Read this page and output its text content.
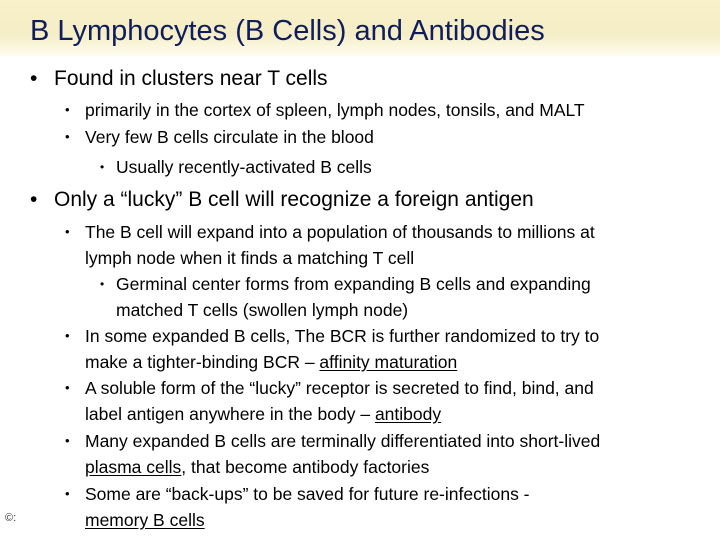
B Lymphocytes (B Cells) and Antibodies
• Found in clusters near T cells
• primarily in the cortex of spleen, lymph nodes, tonsils, and MALT
• Very few B cells circulate in the blood
• Usually recently-activated B cells
• Only a “lucky” B cell will recognize a foreign antigen
• The B cell will expand into a population of thousands to millions at
lymph node when it finds a matching T cell
• Germinal center forms from expanding B cells and expanding
matched T cells (swollen lymph node)
• In some expanded B cells, The BCR is further randomized to try to
make a tighter-binding BCR – affinity maturation
• A soluble form of the “lucky” receptor is secreted to find, bind, and
label antigen anywhere in the body – antibody
• Many expanded B cells are terminally differentiated into short-lived
plasma cells, that become antibody factories
• Some are “back-ups” to be saved for future re-infections -
memory B cells
©:
